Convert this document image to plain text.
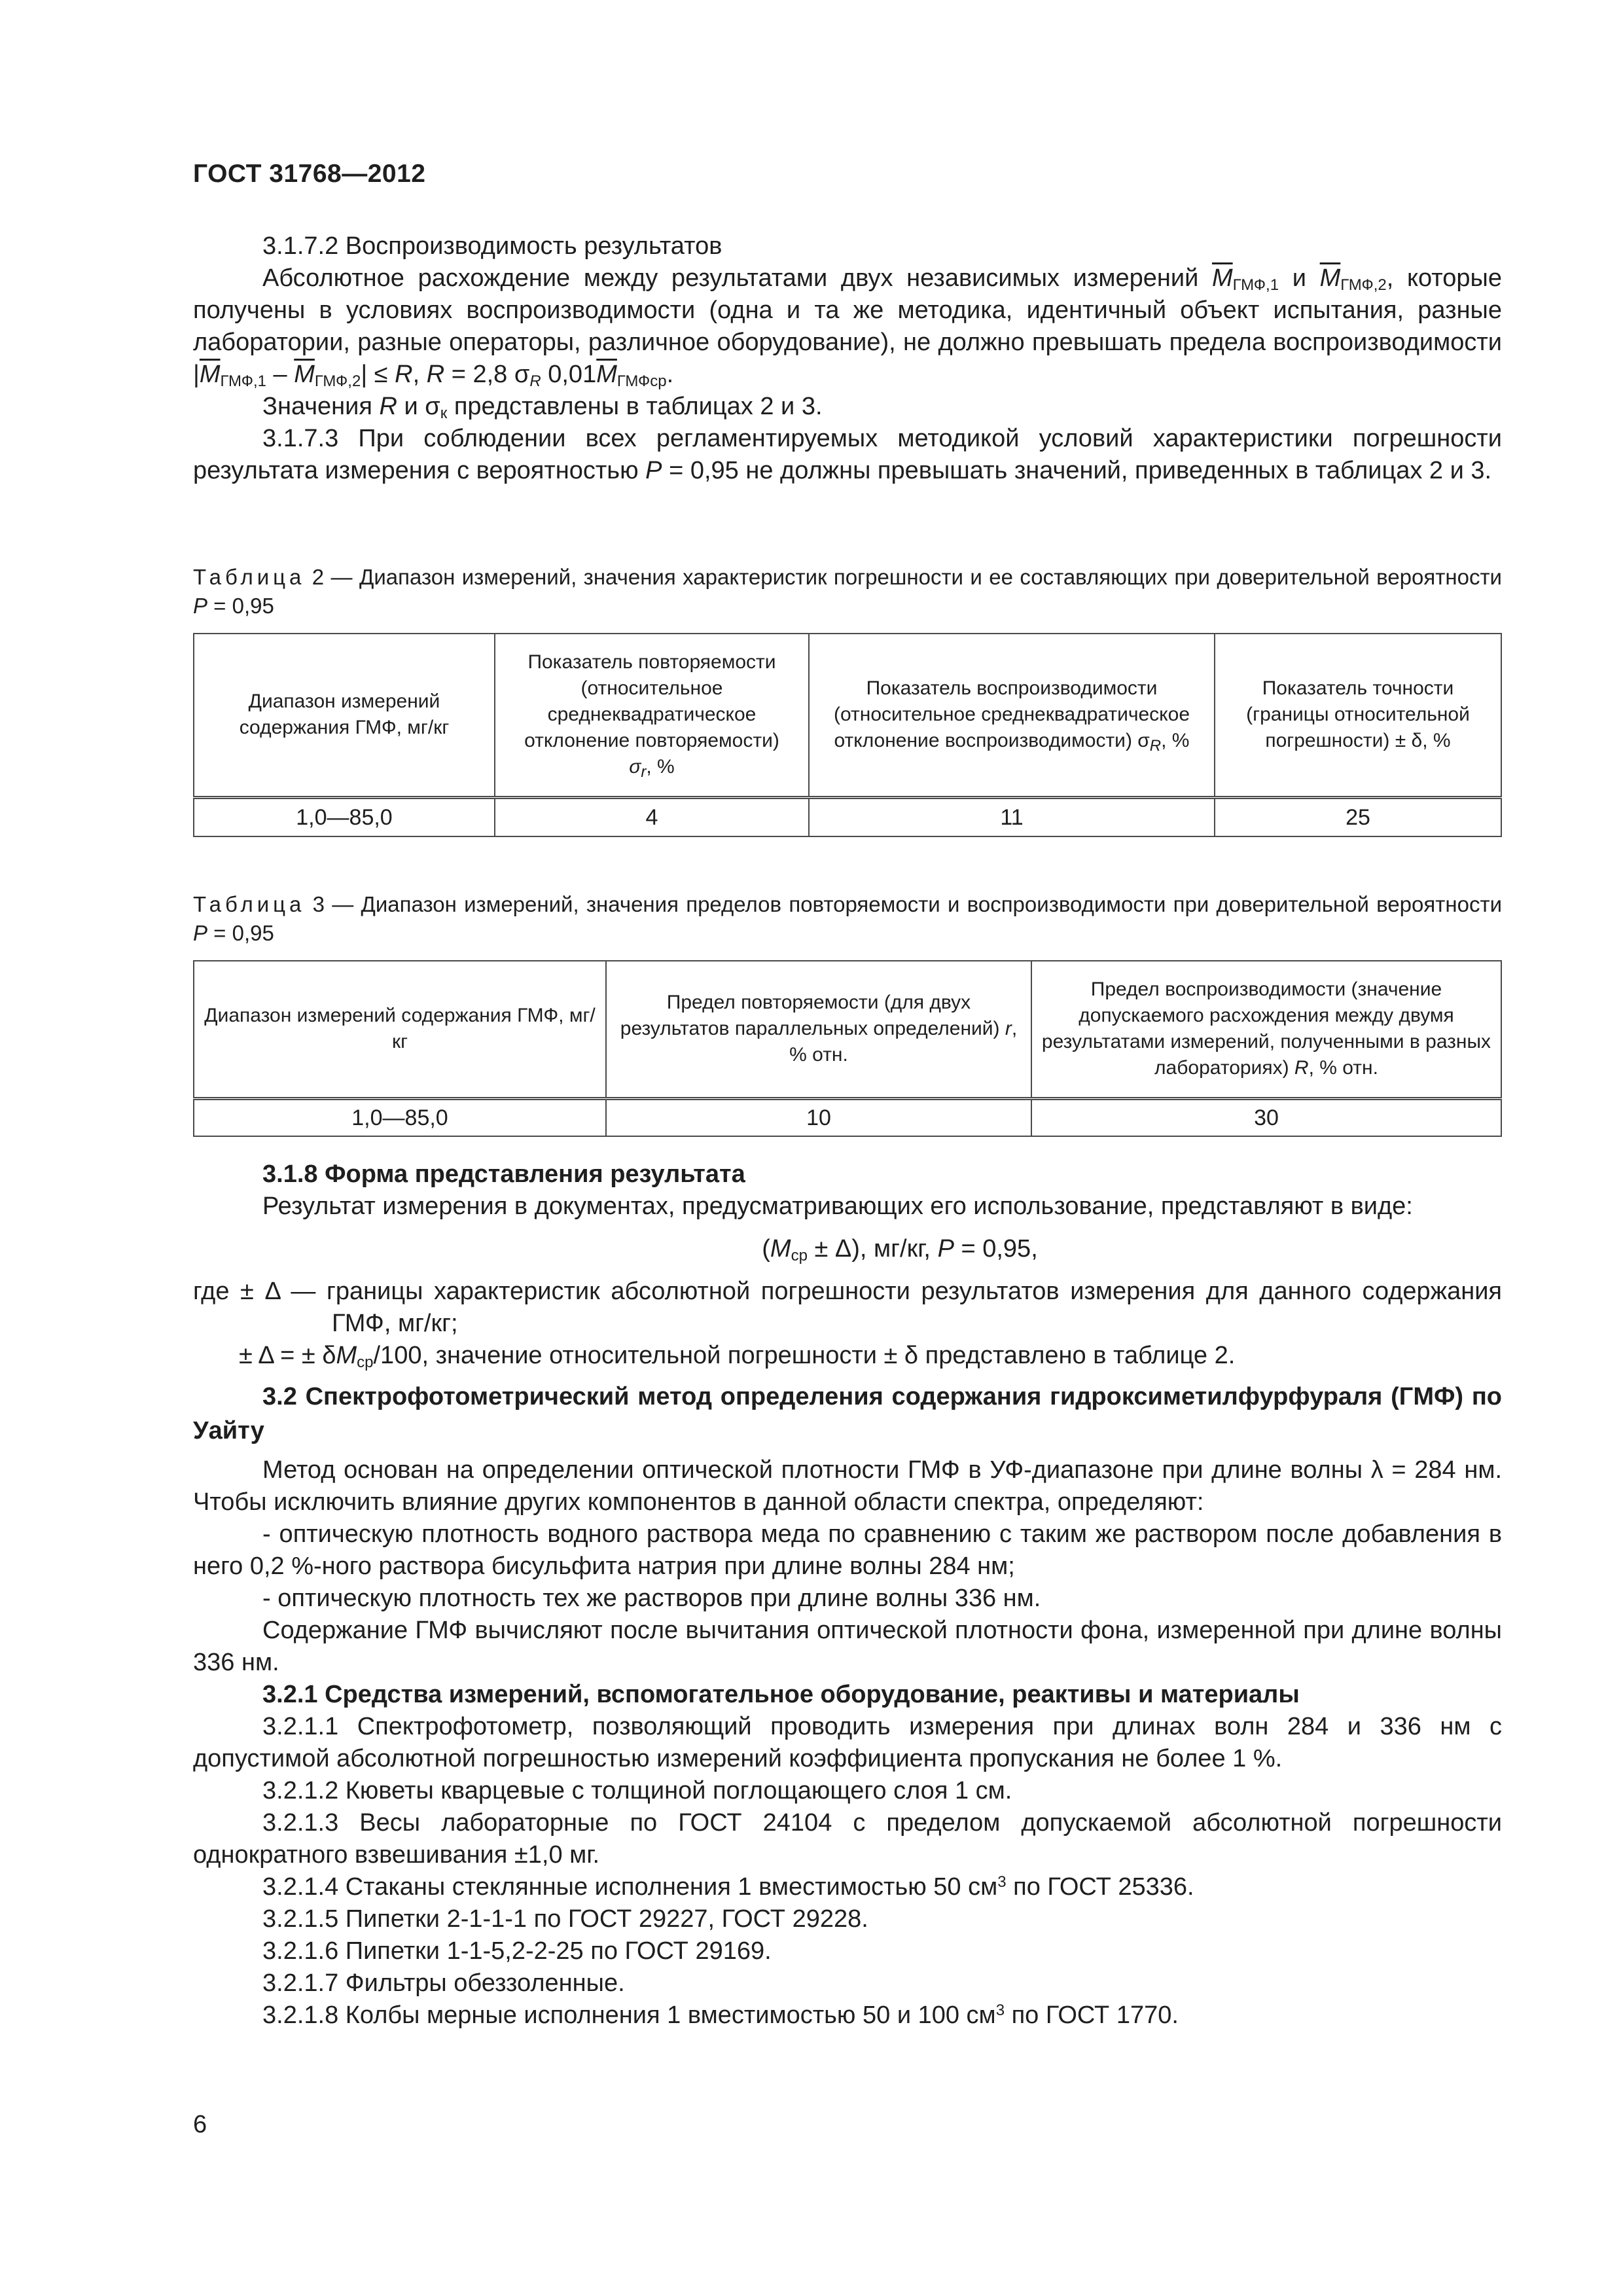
ГОСТ 31768—2012

3.1.7.2 Воспроизводимость результатов

Абсолютное расхождение между результатами двух независимых измерений $\overline{M}_{ГМФ,1}$ и $\overline{M}_{ГМФ,2}$, которые получены в условиях воспроизводимости (одна и та же методика, идентичный объект испытания, разные лаборатории, разные операторы, различное оборудование), не должно превышать предела воспроизводимости $|\overline{M}_{ГМФ,1} - \overline{M}_{ГМФ,2}| \le R$, R = 2,8 $\sigma_R$ $0,01\overline{M}_{ГМФср}$.

Значения R и $\sigma_к$ представлены в таблицах 2 и 3.

3.1.7.3 При соблюдении всех регламентируемых методикой условий характеристики погрешности результата измерения с вероятностью P = 0,95 не должны превышать значений, приведенных в таблицах 2 и 3.

Таблица 2 — Диапазон измерений, значения характеристик погрешности и ее составляющих при доверительной вероятности P = 0,95
Диапазон измерений содержания ГМФ, мг/кг	Показатель повторяемости (относительное среднеквадратическое отклонение повторяемости)
$\sigma_r$, %	Показатель воспроизводимости (относительное среднеквадратическое отклонение воспроизводимости) $\sigma_R$, %	Показатель точности (границы относительной погрешности) ± δ, %
1,0—85,0	4	11	25
Таблица 3 — Диапазон измерений, значения пределов повторяемости и воспроизводимости при доверительной вероятности P = 0,95
Диапазон измерений содержания ГМФ, мг/кг	Предел повторяемости (для двух результатов параллельных определений) r, % отн.	Предел воспроизводимости (значение допускаемого расхождения между двумя результатами измерений, полученными в разных лабораториях) R, % отн.
1,0—85,0	10	30

3.1.8 Форма представления результата

Результат измерения в документах, предусматривающих его использование, представляют в виде:

$(M_{ср} \pm \Delta)$, мг/кг, P = 0,95,

где ± Δ — границы характеристик абсолютной погрешности результатов измерения для данного содержания ГМФ, мг/кг;

± Δ = ± $\delta M_{ср}/100$, значение относительной погрешности ± δ представлено в таблице 2.

3.2 Спектрофотометрический метод определения содержания гидроксиметилфурфураля (ГМФ) по Уайту

Метод основан на определении оптической плотности ГМФ в УФ-диапазоне при длине волны λ = 284 нм. Чтобы исключить влияние других компонентов в данной области спектра, определяют:

- оптическую плотность водного раствора меда по сравнению с таким же раствором после добавления в него 0,2 %-ного раствора бисульфита натрия при длине волны 284 нм;

- оптическую плотность тех же растворов при длине волны 336 нм.

Содержание ГМФ вычисляют после вычитания оптической плотности фона, измеренной при длине волны 336 нм.

3.2.1 Средства измерений, вспомогательное оборудование, реактивы и материалы

3.2.1.1 Спектрофотометр, позволяющий проводить измерения при длинах волн 284 и 336 нм с допустимой абсолютной погрешностью измерений коэффициента пропускания не более 1 %.

3.2.1.2 Кюветы кварцевые с толщиной поглощающего слоя 1 см.

3.2.1.3 Весы лабораторные по ГОСТ 24104 с пределом допускаемой абсолютной погрешности однократного взвешивания ±1,0 мг.

3.2.1.4 Стаканы стеклянные исполнения 1 вместимостью 50 $см^3$ по ГОСТ 25336.

3.2.1.5 Пипетки 2-1-1-1 по ГОСТ 29227, ГОСТ 29228.

3.2.1.6 Пипетки 1-1-5,2-2-25 по ГОСТ 29169.

3.2.1.7 Фильтры обеззоленные.

3.2.1.8 Колбы мерные исполнения 1 вместимостью 50 и 100 $см^3$ по ГОСТ 1770.

6
